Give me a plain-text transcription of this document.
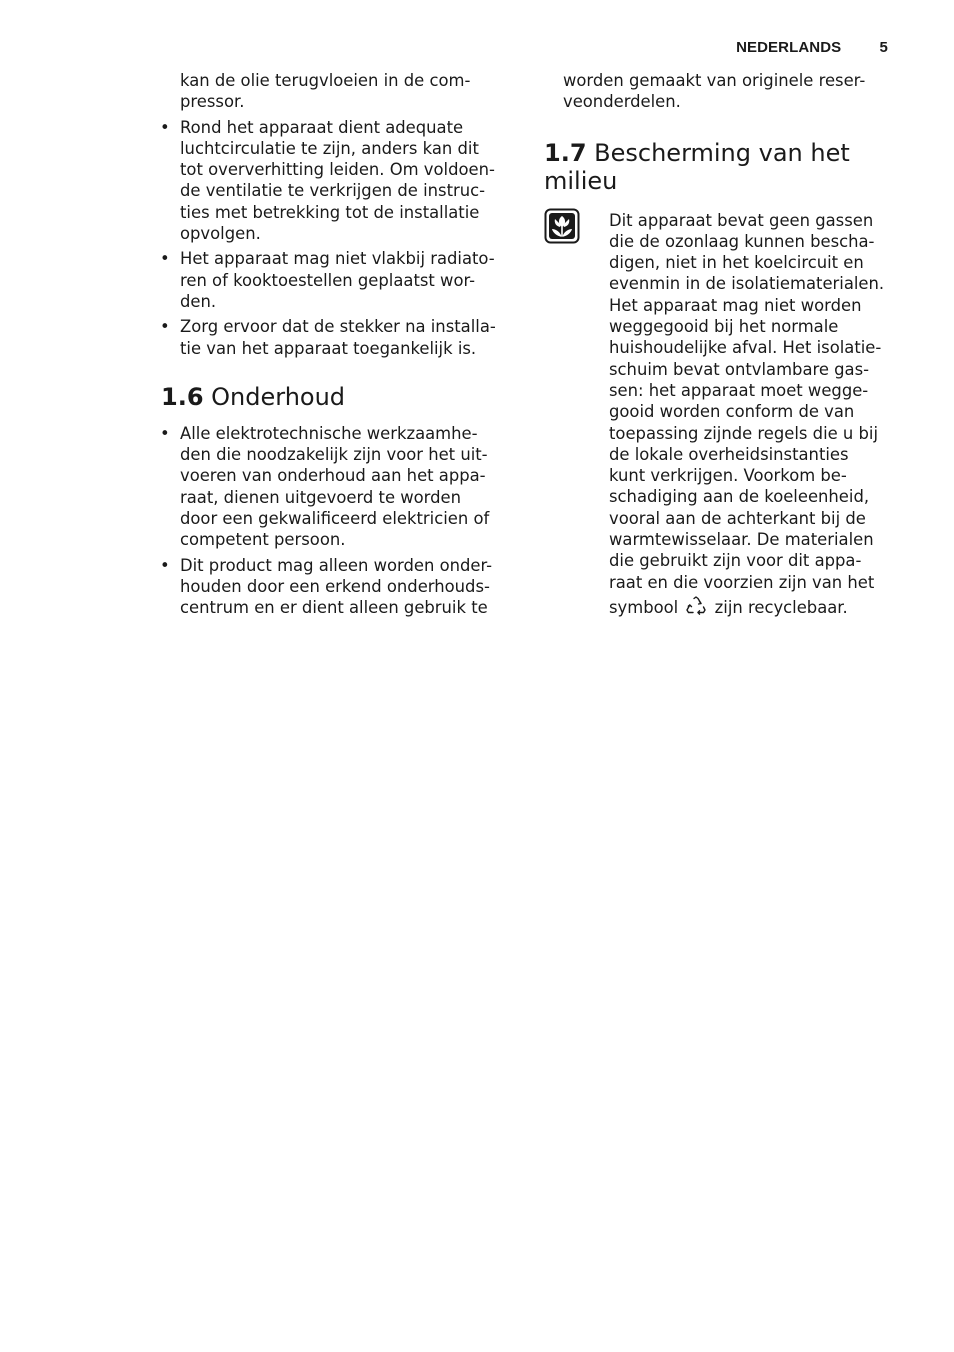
NEDERLANDS	5
kan de olie terugvloeien in de com-
pressor.
• Rond het apparaat dient adequate
luchtcirculatie te zijn, anders kan dit
tot oververhitting leiden. Om voldoen-
de ventilatie te verkrijgen de instruc-
ties met betrekking tot de installatie
opvolgen.
• Het apparaat mag niet vlakbij radiato-
ren of kooktoestellen geplaatst wor-
den.
• Zorg ervoor dat de stekker na installa-
tie van het apparaat toegankelijk is.
1.6 Onderhoud
• Alle elektrotechnische werkzaamhe-
den die noodzakelijk zijn voor het uit-
voeren van onderhoud aan het appa-
raat, dienen uitgevoerd te worden
door een gekwalificeerd elektricien of
competent persoon.
• Dit product mag alleen worden onder-
houden door een erkend onderhouds-
centrum en er dient alleen gebruik te
worden gemaakt van originele reser-
veonderdelen.
1.7 Bescherming van het
milieu
Dit apparaat bevat geen gassen
die de ozonlaag kunnen bescha-
digen, niet in het koelcircuit en
evenmin in de isolatiematerialen.
Het apparaat mag niet worden
weggegooid bij het normale
huishoudelijke afval. Het isolatie-
schuim bevat ontvlambare gas-
sen: het apparaat moet wegge-
gooid worden conform de van
toepassing zijnde regels die u bij
de lokale overheidsinstanties
kunt verkrijgen. Voorkom be-
schadiging aan de koeleenheid,
vooral aan de achterkant bij de
warmtewisselaar. De materialen
die gebruikt zijn voor dit appa-
raat en die voorzien zijn van het
symbool zijn recyclebaar.
